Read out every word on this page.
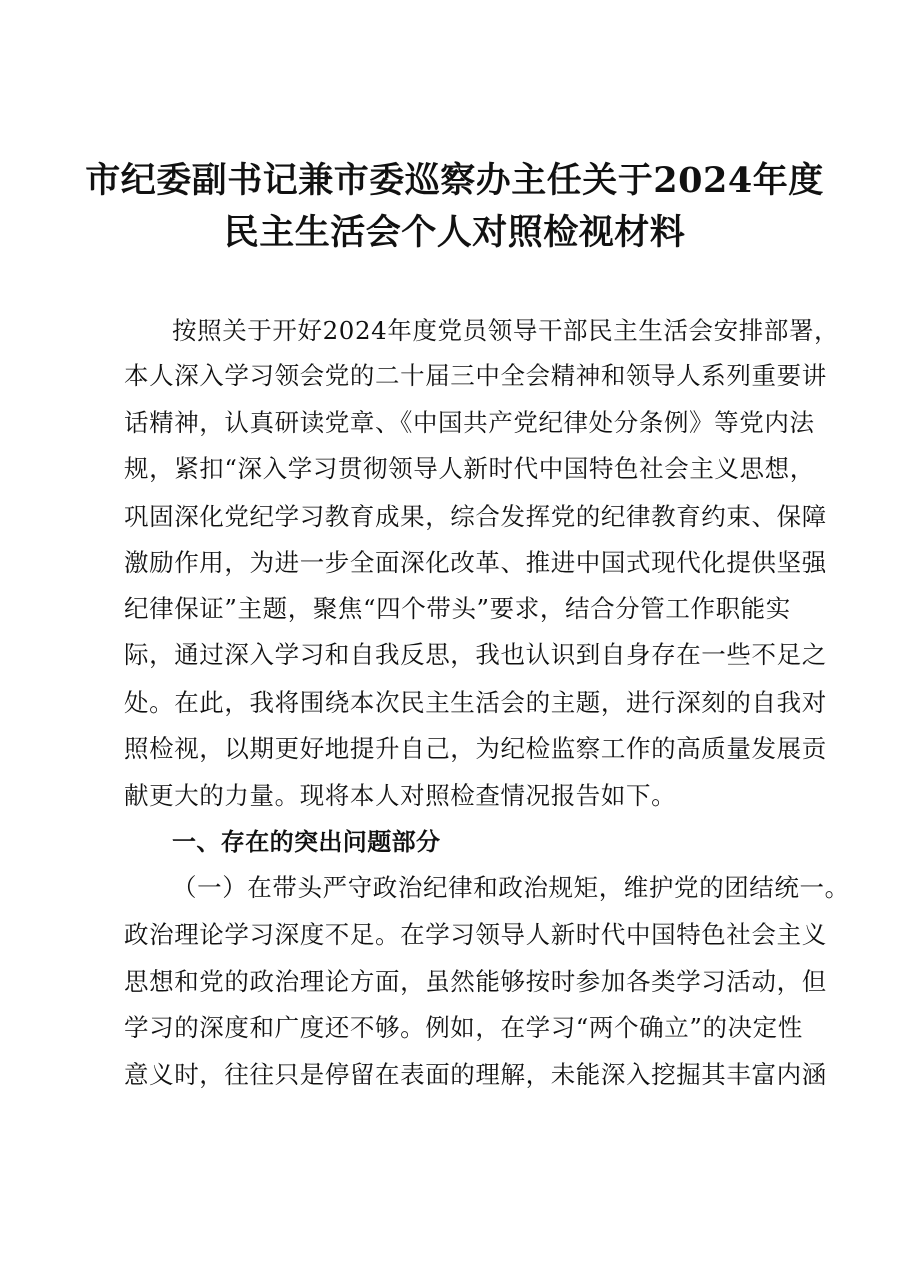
市纪委副书记兼市委巡察办主任关于2024年度
民主生活会个人对照检视材料
按照关于开好2024年度党员领导干部民主生活会安排部署，
本人深入学习领会党的二十届三中全会精神和领导人系列重要讲
话精神，认真研读党章、《中国共产党纪律处分条例》等党内法
规，紧扣“深入学习贯彻领导人新时代中国特色社会主义思想，
巩固深化党纪学习教育成果，综合发挥党的纪律教育约束、保障
激励作用，为进一步全面深化改革、推进中国式现代化提供坚强
纪律保证”主题，聚焦“四个带头”要求，结合分管工作职能实
际，通过深入学习和自我反思，我也认识到自身存在一些不足之
处。在此，我将围绕本次民主生活会的主题，进行深刻的自我对
照检视，以期更好地提升自己，为纪检监察工作的高质量发展贡
献更大的力量。现将本人对照检查情况报告如下。
一、存在的突出问题部分
（一）在带头严守政治纪律和政治规矩，维护党的团结统一。
政治理论学习深度不足。在学习领导人新时代中国特色社会主义
思想和党的政治理论方面，虽然能够按时参加各类学习活动，但
学习的深度和广度还不够。例如，在学习“两个确立”的决定性
意义时，往往只是停留在表面的理解，未能深入挖掘其丰富内涵
